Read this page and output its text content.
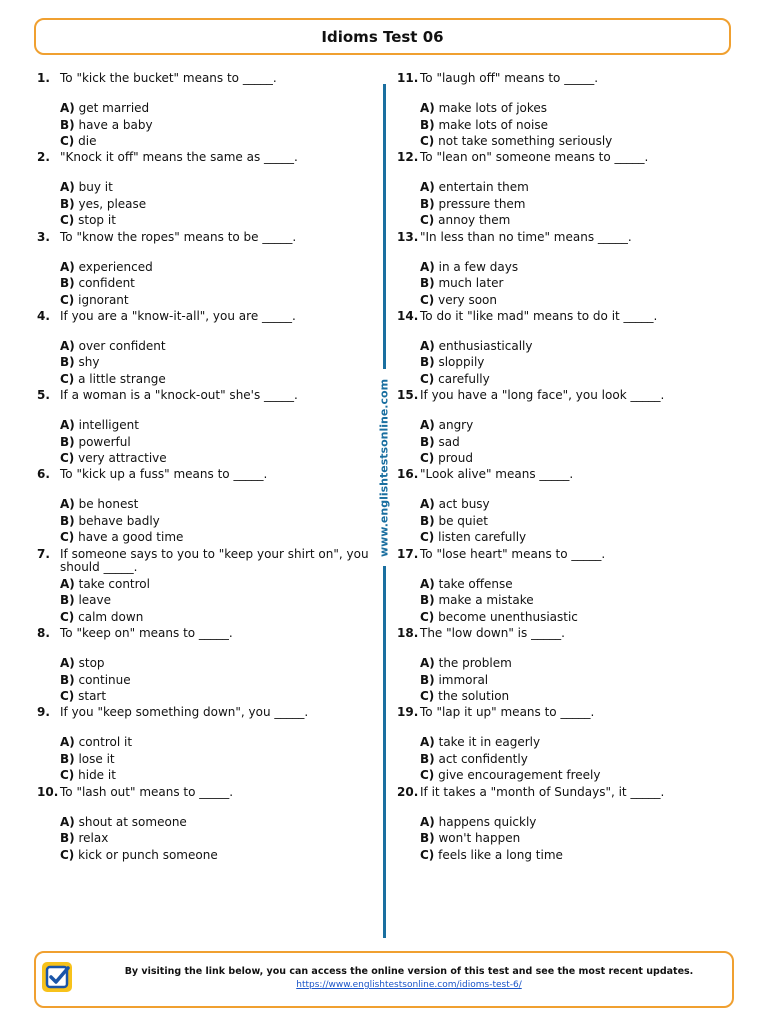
Idioms Test 06
1. To "kick the bucket" means to _____.
A) get married
B) have a baby
C) die
2. "Knock it off" means the same as _____.
A) buy it
B) yes, please
C) stop it
3. To "know the ropes" means to be _____.
A) experienced
B) confident
C) ignorant
4. If you are a "know-it-all", you are _____.
A) over confident
B) shy
C) a little strange
5. If a woman is a "knock-out" she's _____.
A) intelligent
B) powerful
C) very attractive
6. To "kick up a fuss" means to _____.
A) be honest
B) behave badly
C) have a good time
7. If someone says to you to "keep your shirt on", you should _____.
A) take control
B) leave
C) calm down
8. To "keep on" means to _____.
A) stop
B) continue
C) start
9. If you "keep something down", you _____.
A) control it
B) lose it
C) hide it
10. To "lash out" means to _____.
A) shout at someone
B) relax
C) kick or punch someone
11. To "laugh off" means to _____.
A) make lots of jokes
B) make lots of noise
C) not take something seriously
12. To "lean on" someone means to _____.
A) entertain them
B) pressure them
C) annoy them
13. "In less than no time" means _____.
A) in a few days
B) much later
C) very soon
14. To do it "like mad" means to do it _____.
A) enthusiastically
B) sloppily
C) carefully
15. If you have a "long face", you look _____.
A) angry
B) sad
C) proud
16. "Look alive" means _____.
A) act busy
B) be quiet
C) listen carefully
17. To "lose heart" means to _____.
A) take offense
B) make a mistake
C) become unenthusiastic
18. The "low down" is _____.
A) the problem
B) immoral
C) the solution
19. To "lap it up" means to _____.
A) take it in eagerly
B) act confidently
C) give encouragement freely
20. If it takes a "month of Sundays", it _____.
A) happens quickly
B) won't happen
C) feels like a long time
www.englishtestsonline.com
By visiting the link below, you can access the online version of this test and see the most recent updates.
https://www.englishtestsonline.com/idioms-test-6/
